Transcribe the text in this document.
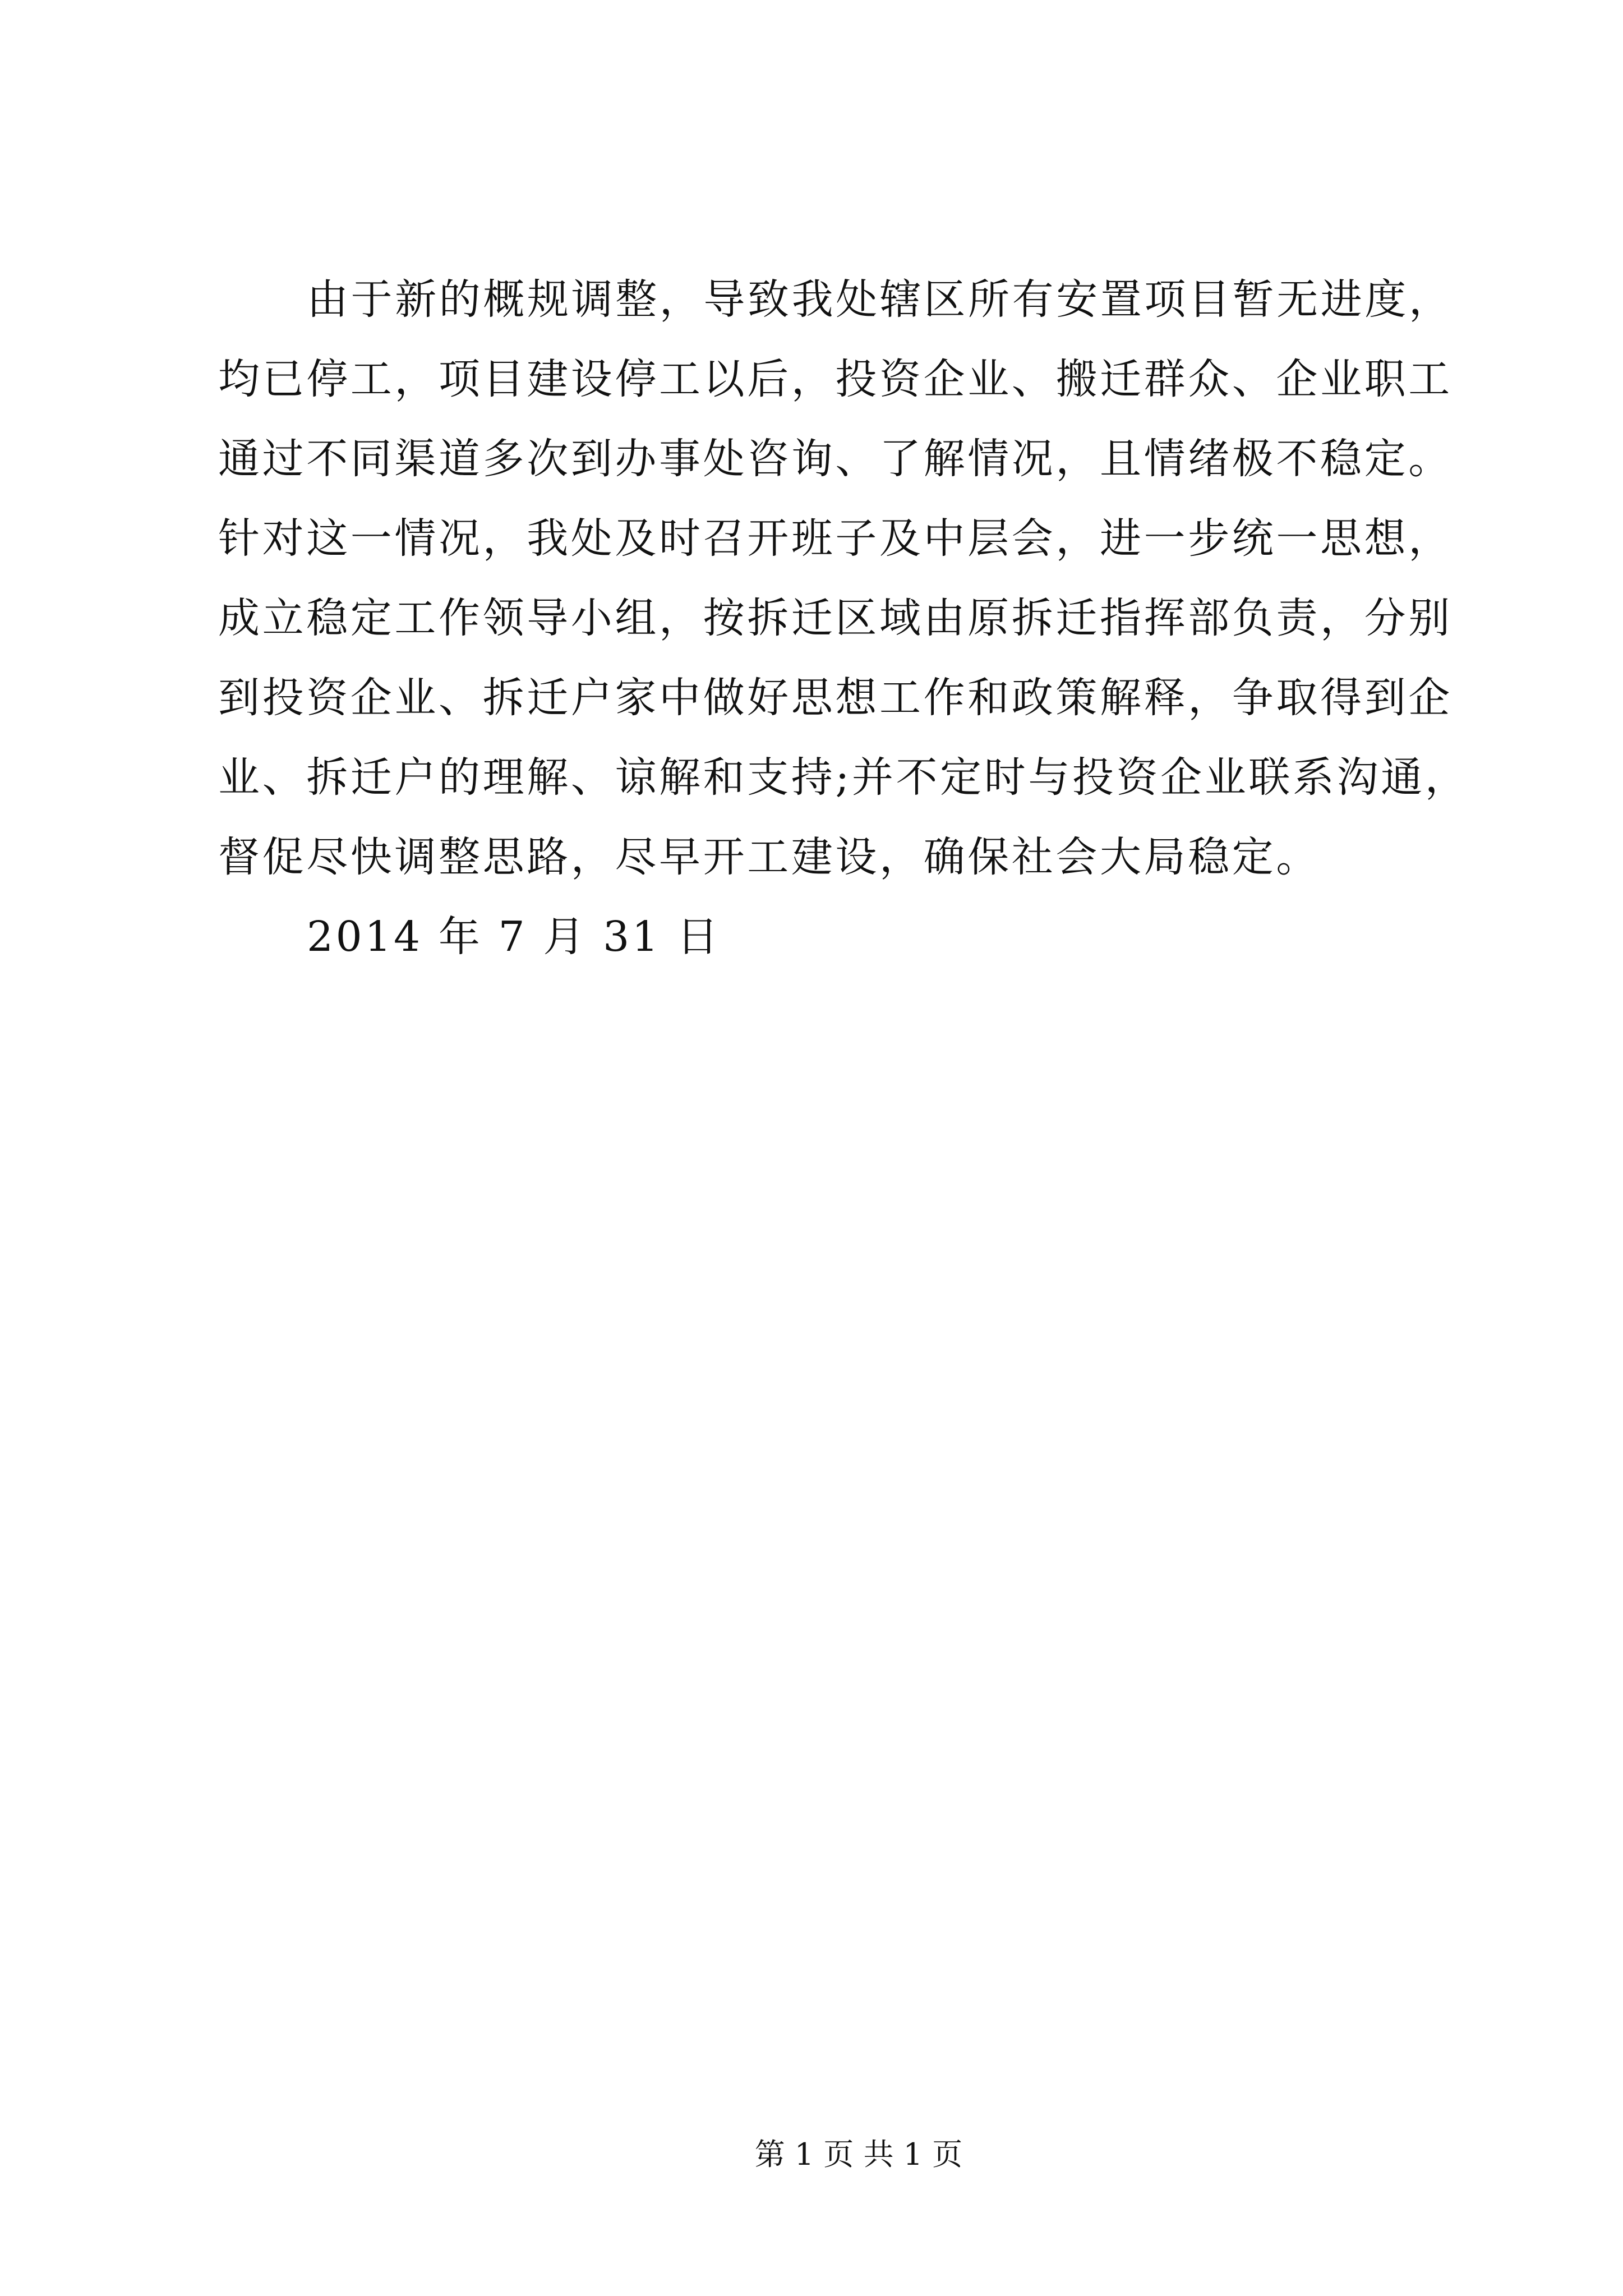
由于新的概规调整，导致我处辖区所有安置项目暂无进度，
均已停工，项目建设停工以后，投资企业、搬迁群众、企业职工
通过不同渠道多次到办事处咨询、了解情况，且情绪极不稳定。
针对这一情况，我处及时召开班子及中层会，进一步统一思想，
成立稳定工作领导小组，按拆迁区域由原拆迁指挥部负责，分别
到投资企业、拆迁户家中做好思想工作和政策解释，争取得到企
业、拆迁户的理解、谅解和支持;并不定时与投资企业联系沟通，
督促尽快调整思路，尽早开工建设，确保社会大局稳定。
2014 年 7 月 31 日
第 1 页 共 1 页
